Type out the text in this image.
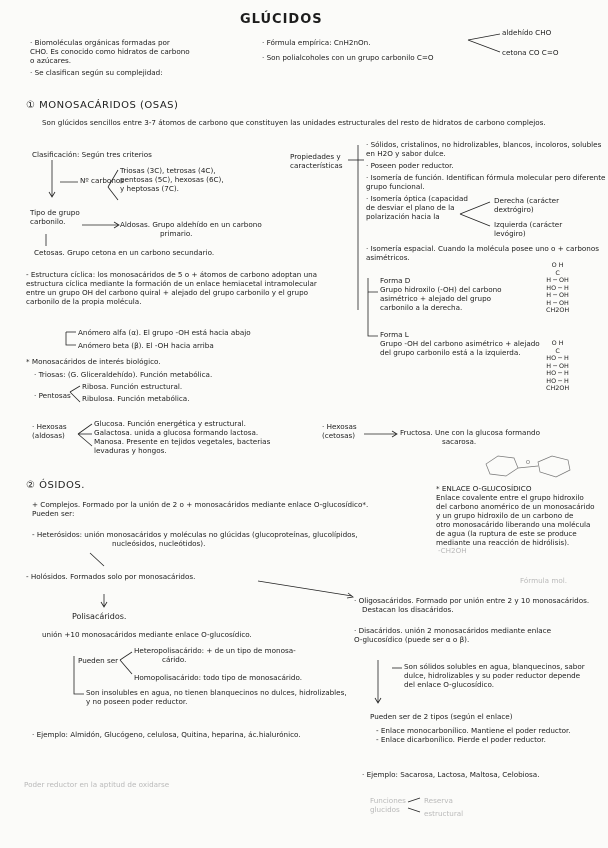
GLÚCIDOS
· Biomoléculas orgánicas formadas por
CHO. Es conocido como hidratos de carbono
o azúcares.
· Se clasifican según su complejidad:
· Fórmula empírica: CnH2nOn.
· Son polialcoholes con un grupo carbonilo C=O
aldehído CHO
cetona CO C=O
① MONOSACÁRIDOS (OSAS)
Son glúcidos sencillos entre 3-7 átomos de carbono que constituyen las unidades estructurales del resto de hidratos de carbono complejos.
Clasificación: Según tres criterios
Nº carbonos
Triosas (3C), tetrosas (4C),
pentosas (5C), hexosas (6C),
y heptosas (7C).
Tipo de grupo
carbonilo.	Aldosas. Grupo aldehído en un carbono
primario.
Cetosas. Grupo cetona en un carbono secundario.
- Estructura cíclica: los monosacáridos de 5 o + átomos de carbono adoptan una
estructura cíclica mediante la formación de un enlace hemiacetal intramolecular
entre un grupo OH del carbono quiral + alejado del grupo carbonilo y el grupo
carbonilo de la propia molécula.
Anómero alfa (α). El grupo -OH está hacia abajo
Anómero beta (β). El -OH hacia arriba
* Monosacáridos de interés biológico.
· Triosas: (G. Gliceraldehído). Función metabólica.
· Pentosas
Ribosa. Función estructural.
Ribulosa. Función metabólica.
· Hexosas
(aldosas)
Glucosa. Función energética y estructural.
Galactosa. unida a glucosa formando lactosa.
Manosa. Presente en tejidos vegetales, bacterias
levaduras y hongos.
· Hexosas
(cetosas)	Fructosa. Une con la glucosa formando
sacarosa.
O
Propiedades y
características
· Sólidos, cristalinos, no hidrolizables, blancos, incoloros, solubles
en H2O y sabor dulce.
· Poseen poder reductor.
· Isomería de función. Identifican fórmula molecular pero diferente
grupo funcional.
· Isomería óptica (capacidad
de desviar el plano de la
polarización hacia la
Derecha (carácter
dextrógiro)
Izquierda (carácter
levógiro)
· Isomería espacial. Cuando la molécula posee uno o + carbonos
asimétricos.
Forma D
Grupo hidroxilo (-OH) del carbono
asimétrico + alejado del grupo
carbonilo a la derecha.
Forma L
Grupo -OH del carbono asimétrico + alejado
del grupo carbonilo está a la izquierda.
O H
C
H ─ OH
HO ─ H
H ─ OH
H ─ OH
CH2OH
O H
C
HO ─ H
H ─ OH
HO ─ H
HO ─ H
CH2OH
* ENLACE O-GLUCOSÍDICO
Enlace covalente entre el grupo hidroxilo
del carbono anomérico de un monosacárido
y un grupo hidroxilo de un carbono de
otro monosacárido liberando una molécula
de agua (la ruptura de este se produce
mediante una reacción de hidrólisis).
② ÓSIDOS.
+ Complejos. Formado por la unión de 2 o + monosacáridos mediante enlace O-glucosídico*.
Pueden ser:
- Heterósidos: unión monosacáridos y moléculas no glúcidas (glucoproteínas, glucolípidos,
nucleósidos, nucleótidos).
- Holósidos. Formados solo por monosacáridos.
Polisacáridos.
unión +10 monosacáridos mediante enlace O-glucosídico.
Pueden ser
Heteropolisacárido: + de un tipo de monosa-
cárido.
Homopolisacárido: todo tipo de monosacárido.
Son insolubles en agua, no tienen blanquecinos no dulces, hidrolizables,
y no poseen poder reductor.
· Ejemplo: Almidón, Glucógeno, celulosa, Quitina, heparina, ác.hialurónico.
· Oligosacáridos. Formado por unión entre 2 y 10 monosacáridos.
Destacan los disacáridos.
· Disacáridos. unión 2 monosacáridos mediante enlace
O-glucosídico (puede ser α o β).
Son sólidos solubles en agua, blanquecinos, sabor
dulce, hidrolizables y su poder reductor depende
del enlace O-glucosídico.
Pueden ser de 2 tipos (según el enlace)
- Enlace monocarbonílico. Mantiene el poder reductor.
- Enlace dicarbonílico. Pierde el poder reductor.
· Ejemplo: Sacarosa, Lactosa, Maltosa, Celobiosa.
Poder reductor en la aptitud de oxidarse
Funciones
glucidos
Reserva
estructural
Fórmula mol.
-CH2OH
